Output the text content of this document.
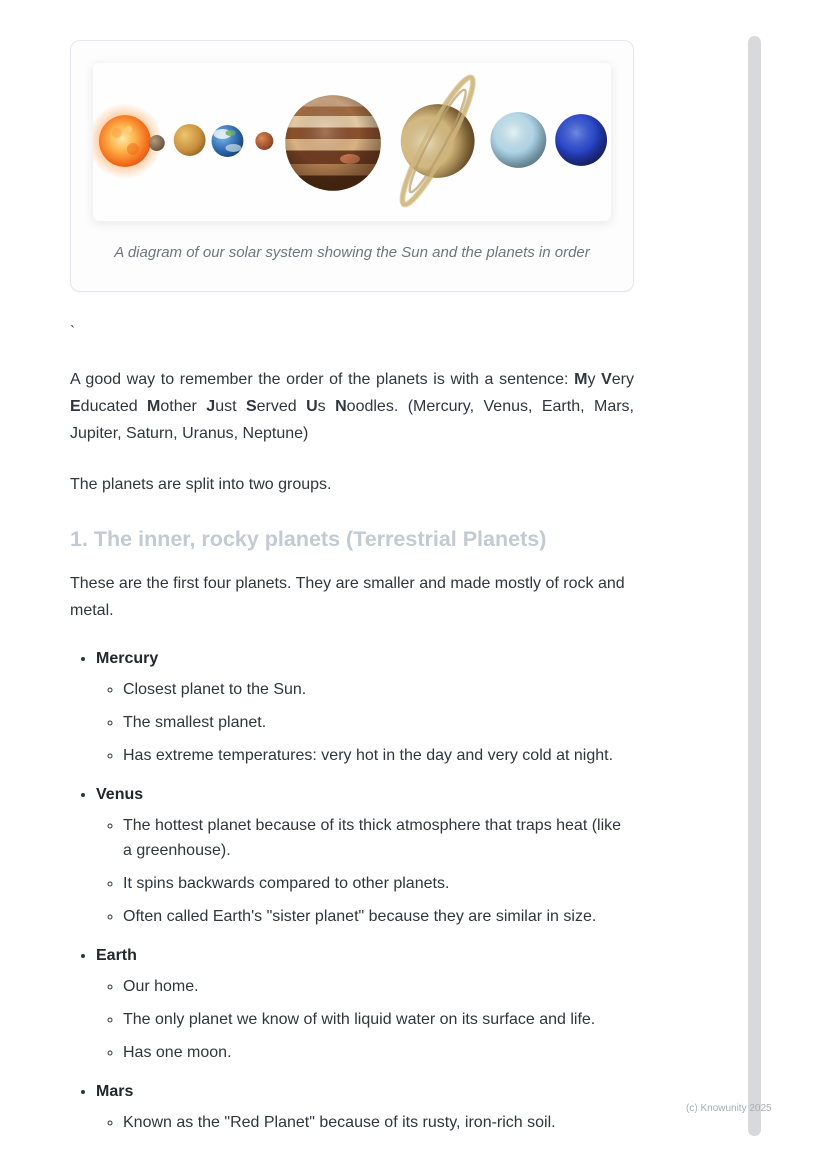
A diagram of our solar system showing the Sun and the planets in order

`

A good way to remember the order of the planets is with a sentence: My Very Educated Mother Just Served Us Noodles. (Mercury, Venus, Earth, Mars, Jupiter, Saturn, Uranus, Neptune)

The planets are split into two groups.

1. The inner, rocky planets (Terrestrial Planets)

These are the first four planets. They are smaller and made mostly of rock and metal.

• Mercury
◦ Closest planet to the Sun.
◦ The smallest planet.
◦ Has extreme temperatures: very hot in the day and very cold at night.
• Venus
◦ The hottest planet because of its thick atmosphere that traps heat (like a greenhouse).
◦ It spins backwards compared to other planets.
◦ Often called Earth's "sister planet" because they are similar in size.
• Earth
◦ Our home.
◦ The only planet we know of with liquid water on its surface and life.
◦ Has one moon.
• Mars
◦ Known as the "Red Planet" because of its rusty, iron-rich soil.
(c) Knowunity 2025
